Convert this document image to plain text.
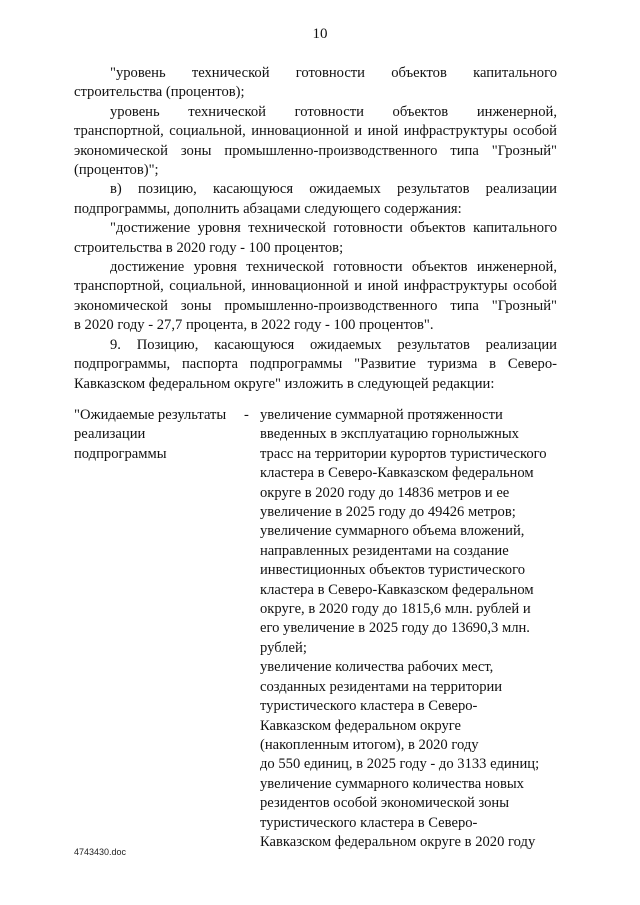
10
"уровень технической готовности объектов капитального
строительства (процентов);
уровень технической готовности объектов инженерной,
транспортной, социальной, инновационной и иной инфраструктуры особой
экономической зоны промышленно-производственного типа "Грозный"
(процентов)";
в) позицию, касающуюся ожидаемых результатов реализации
подпрограммы, дополнить абзацами следующего содержания:
"достижение уровня технической готовности объектов капитального
строительства в 2020 году - 100 процентов;
достижение уровня технической готовности объектов инженерной,
транспортной, социальной, инновационной и иной инфраструктуры особой
экономической зоны промышленно-производственного типа "Грозный"
в 2020 году - 27,7 процента, в 2022 году - 100 процентов".
9. Позицию, касающуюся ожидаемых результатов реализации
подпрограммы, паспорта подпрограммы "Развитие туризма в Северо-
Кавказском федеральном округе" изложить в следующей редакции:
"Ожидаемые результаты
реализации
подпрограммы
- увеличение суммарной протяженности
введенных в эксплуатацию горнолыжных
трасс на территории курортов туристического
кластера в Северо-Кавказском федеральном
округе в 2020 году до 14836 метров и ее
увеличение в 2025 году до 49426 метров;
увеличение суммарного объема вложений,
направленных резидентами на создание
инвестиционных объектов туристического
кластера в Северо-Кавказском федеральном
округе, в 2020 году до 1815,6 млн. рублей и
его увеличение в 2025 году до 13690,3 млн.
рублей;
увеличение количества рабочих мест,
созданных резидентами на территории
туристического кластера в Северо-
Кавказском федеральном округе
(накопленным итогом), в 2020 году
до 550 единиц, в 2025 году - до 3133 единиц;
увеличение суммарного количества новых
резидентов особой экономической зоны
туристического кластера в Северо-
Кавказском федеральном округе в 2020 году
4743430.doc
